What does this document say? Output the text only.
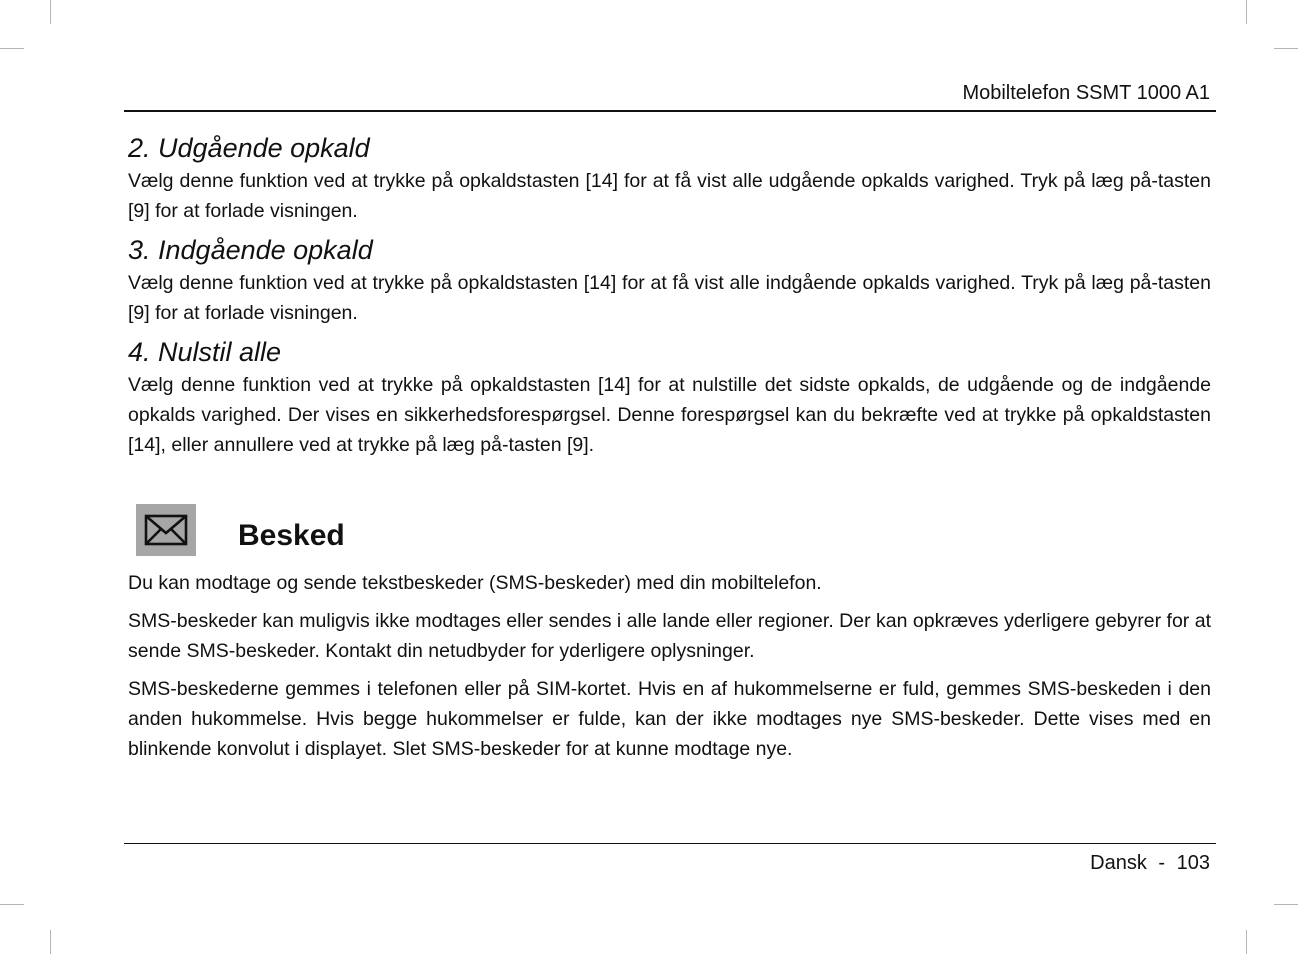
Mobiltelefon SSMT 1000 A1
2. Udgående opkald

Vælg denne funktion ved at trykke på opkaldstasten [14] for at få vist alle udgående opkalds varighed. Tryk på læg på-tasten [9] for at forlade visningen.

3. Indgående opkald

Vælg denne funktion ved at trykke på opkaldstasten [14] for at få vist alle indgående opkalds varighed. Tryk på læg på-tasten [9] for at forlade visningen.

4. Nulstil alle

Vælg denne funktion ved at trykke på opkaldstasten [14] for at nulstille det sidste opkalds, de udgående og de indgående opkalds varighed. Der vises en sikkerhedsforespørgsel. Denne forespørgsel kan du bekræfte ved at trykke på opkaldstasten [14], eller annullere ved at trykke på læg på-tasten [9].

Besked

Du kan modtage og sende tekstbeskeder (SMS-beskeder) med din mobiltelefon.

SMS-beskeder kan muligvis ikke modtages eller sendes i alle lande eller regioner. Der kan opkræves yderligere gebyrer for at sende SMS-beskeder. Kontakt din netudbyder for yderligere oplysninger.

SMS-beskederne gemmes i telefonen eller på SIM-kortet. Hvis en af hukommelserne er fuld, gemmes SMS-beskeden i den anden hukommelse. Hvis begge hukommelser er fulde, kan der ikke modtages nye SMS-beskeder. Dette vises med en blinkende konvolut i displayet. Slet SMS-beskeder for at kunne modtage nye.

Dansk - 103
